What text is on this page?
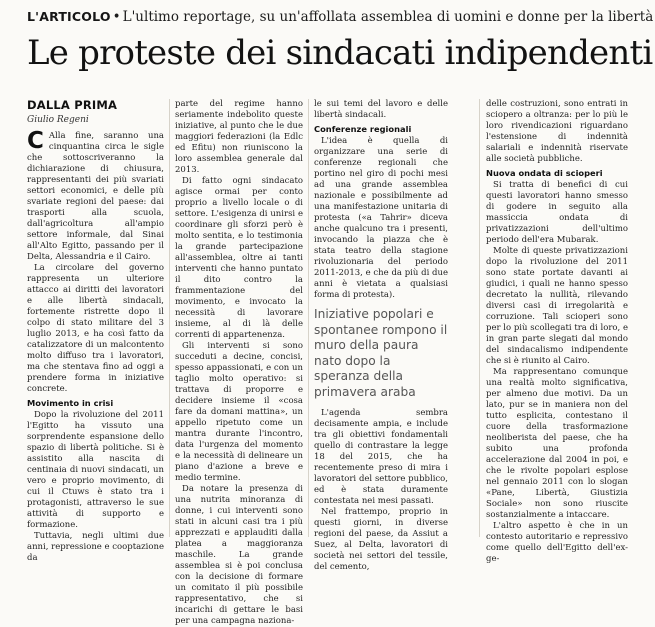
L'ARTICOLO • L'ultimo reportage, su un'affollata assemblea di uomini e donne per la libertà
Le proteste dei sindacati indipendenti
DALLA PRIMA
Giulio Regeni

C Alla fine, saranno una cinquantina circa le sigle che sottoscriveranno la dichiarazione di chiusura, rappresentanti dei più svariati settori economici, e delle più svariate regioni del paese: dai trasporti alla scuola, dall'agricoltura all'ampio settore informale, dal Sinai all'Alto Egitto, passando per il Delta, Alessandria e il Cairo.

La circolare del governo rappresenta un ulteriore attacco ai diritti dei lavoratori e alle libertà sindacali, fortemente ristrette dopo il colpo di stato militare del 3 luglio 2013, e ha così fatto da catalizzatore di un malcontento molto diffuso tra i lavoratori, ma che stentava fino ad oggi a prendere forma in iniziative concrete.

Movimento in crisi

Dopo la rivoluzione del 2011 l'Egitto ha vissuto una sorprendente espansione dello spazio di libertà politiche. Si è assistito alla nascita di centinaia di nuovi sindacati, un vero e proprio movimento, di cui il Ctuws è stato tra i protagonisti, attraverso le sue attività di supporto e formazione.

Tuttavia, negli ultimi due anni, repressione e cooptazione da

parte del regime hanno seriamente indebolito queste iniziative, al punto che le due maggiori federazioni (la Edlc ed Efitu) non riuniscono la loro assemblea generale dal 2013.

Di fatto ogni sindacato agisce ormai per conto proprio a livello locale o di settore. L'esigenza di unirsi e coordinare gli sforzi però è molto sentita, e lo testimonia la grande partecipazione all'assemblea, oltre ai tanti interventi che hanno puntato il dito contro la frammentazione del movimento, e invocato la necessità di lavorare insieme, al di là delle correnti di appartenenza.

Gli interventi si sono succeduti a decine, concisi, spesso appassionati, e con un taglio molto operativo: si trattava di proporre e decidere insieme il «cosa fare da domani mattina», un appello ripetuto come un mantra durante l'incontro, data l'urgenza del momento e la necessità di delineare un piano d'azione a breve e medio termine.

Da notare la presenza di una nutrita minoranza di donne, i cui interventi sono stati in alcuni casi tra i più apprezzati e applauditi dalla platea a maggioranza maschile. La grande assemblea si è poi conclusa con la decisione di formare un comitato il più possibile rappresentativo, che si incarichi di gettare le basi per una campagna naziona-

le sui temi del lavoro e delle libertà sindacali.

Conferenze regionali

L'idea è quella di organizzare una serie di conferenze regionali che portino nel giro di pochi mesi ad una grande assemblea nazionale e possibilmente ad una manifestazione unitaria di protesta («a Tahrir» diceva anche qualcuno tra i presenti, invocando la piazza che è stata teatro della stagione rivoluzionaria del periodo 2011-2013, e che da più di due anni è vietata a qualsiasi forma di protesta).

Iniziative popolari e spontanee rompono il muro della paura nato dopo la speranza della primavera araba

L'agenda sembra decisamente ampia, e include tra gli obiettivi fondamentali quello di contrastare la legge 18 del 2015, che ha recentemente preso di mira i lavoratori del settore pubblico, ed è stata duramente contestata nei mesi passati.

Nel frattempo, proprio in questi giorni, in diverse regioni del paese, da Assiut a Suez, al Delta, lavoratori di società nei settori del tessile, del cemento,

delle costruzioni, sono entrati in sciopero a oltranza: per lo più le loro rivendicazioni riguardano l'estensione di indennità salariali e indennità riservate alle società pubbliche.

Nuova ondata di scioperi

Si tratta di benefici di cui questi lavoratori hanno smesso di godere in seguito alla massiccia ondata di privatizzazioni dell'ultimo periodo dell'era Mubarak.

Molte di queste privatizzazioni dopo la rivoluzione del 2011 sono state portate davanti ai giudici, i quali ne hanno spesso decretato la nullità, rilevando diversi casi di irregolarità e corruzione. Tali scioperi sono per lo più scollegati tra di loro, e in gran parte slegati dal mondo del sindacalismo indipendente che si è riunito al Cairo.

Ma rappresentano comunque una realtà molto significativa, per almeno due motivi. Da un lato, pur se in maniera non del tutto esplicita, contestano il cuore della trasformazione neoliberista del paese, che ha subito una profonda accelerazione dal 2004 in poi, e che le rivolte popolari esplose nel gennaio 2011 con lo slogan «Pane, Libertà, Giustizia Sociale» non sono riuscite sostanzialmente a intaccare.

L'altro aspetto è che in un contesto autoritario e repressivo come quello dell'Egitto dell'ex-ge-
